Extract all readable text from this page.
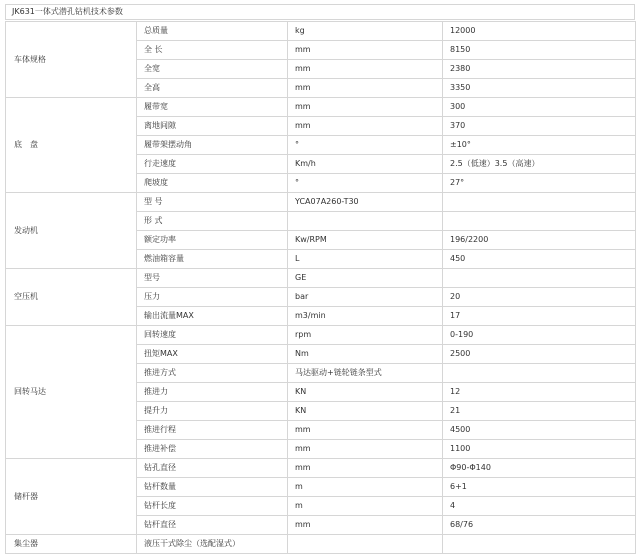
JK631一体式潜孔钻机技术参数
车体规格	总质量	kg	12000
	全 长	mm	8150
	全宽	mm	2380
	全高	mm	3350
底　盘	履带宽	mm	300
	离地间隙	mm	370
	履带架摆动角	°	±10°
	行走速度	Km/h	2.5（低速）3.5（高速）
	爬坡度	°	27°
发动机	型 号	YCA07A260-T30	
	形 式		
	额定功率	Kw/RPM	196/2200
	燃油箱容量	L	450
空压机	型号	GE	
	压力	bar	20
	输出流量MAX	m3/min	17
回转马达	回转速度	rpm	0-190
	扭矩MAX	Nm	2500
	推进方式	马达驱动+链轮链条型式	
	推进力	KN	12
	提升力	KN	21
	推进行程	mm	4500
	推进补偿	mm	1100
储杆器	钻孔直径	mm	Φ90-Φ140
	钻杆数量	m	6+1
	钻杆长度	m	4
	钻杆直径	mm	68/76
集尘器	液压干式除尘（选配湿式）		
